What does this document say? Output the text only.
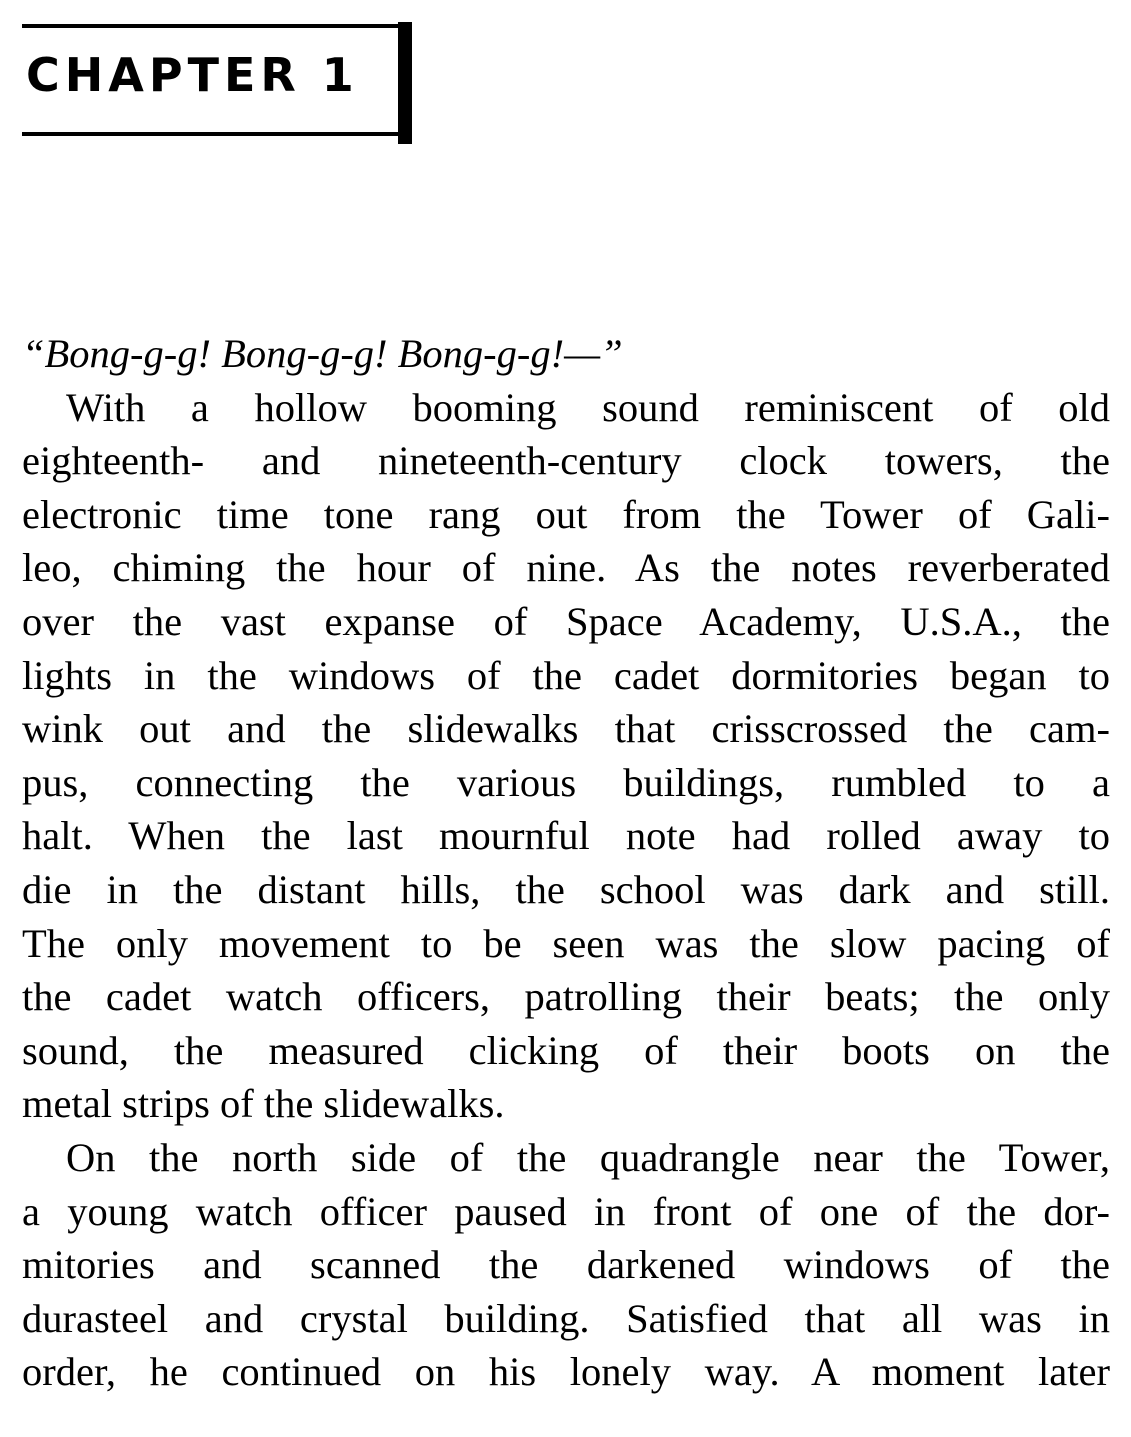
CHAPTER 1
“Bong-g-g! Bong-g-g! Bong-g-g!—”
With a hollow booming sound reminiscent of old
eighteenth- and nineteenth-century clock towers, the
electronic time tone rang out from the Tower of Gali-
leo, chiming the hour of nine. As the notes reverberated
over the vast expanse of Space Academy, U.S.A., the
lights in the windows of the cadet dormitories began to
wink out and the slidewalks that crisscrossed the cam-
pus, connecting the various buildings, rumbled to a
halt. When the last mournful note had rolled away to
die in the distant hills, the school was dark and still.
The only movement to be seen was the slow pacing of
the cadet watch officers, patrolling their beats; the only
sound, the measured clicking of their boots on the
metal strips of the slidewalks.
On the north side of the quadrangle near the Tower,
a young watch officer paused in front of one of the dor-
mitories and scanned the darkened windows of the
durasteel and crystal building. Satisfied that all was in
order, he continued on his lonely way. A moment later
